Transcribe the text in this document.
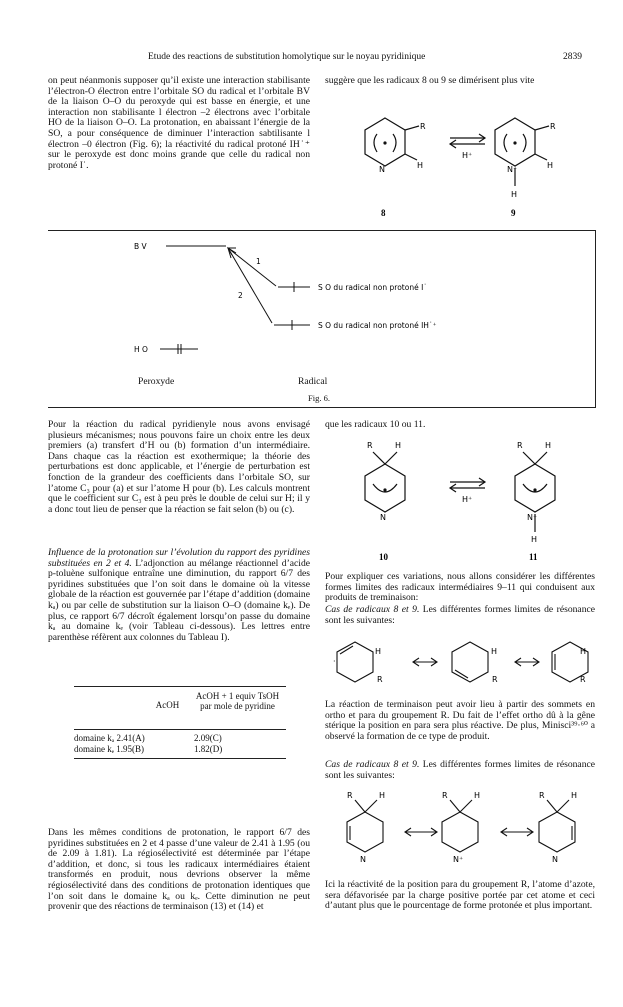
Etude des reactions de substitution homolytique sur le noyau pyridinique	2839

on peut néanmonis supposer qu’il existe une interaction stabilisante l’électron-O électron entre l’orbitale SO du radical et l’orbitale BV de la liaison O–O du peroxyde qui est basse en énergie, et une interaction non stabilisante l électron –2 électrons avec l’orbitale HO de la liaison O–O. La protonation, en abaissant l’énergie de la SO, a pour conséquence de diminuer l’interaction sabtilisante l électron –0 électron (Fig. 6); la réactivité du radical protoné IH˙⁺ sur le peroxyde est donc moins grande que celle du radical non protoné I˙.

suggère que les radicaux 8 ou 9 se dimérisent plus vite

R
H
N
H⁺
R
H
N⁺
H
8	9
B V
H O
1
2
S O du radical non protoné I˙
S O du radical non protoné IH˙⁺
Peroxyde	Radical
Fig. 6.

Pour la réaction du radical pyridienyle nous avons envisagé plusieurs mécanismes; nous pouvons faire un choix entre les deux premiers (a) transfert d’H ou (b) formation d’un intermédiaire. Dans chaque cas la réaction est exothermique; la théorie des perturbations est donc applicable, et l’énergie de perturbation est fonction de la grandeur des coefficients dans l’orbitale SO, sur l’atome C₃ pour (a) et sur l’atome H pour (b). Les calculs montrent que le coefficient sur C₃ est à peu près le double de celui sur H; il y a donc tout lieu de penser que la réaction se fait selon (b) ou (c).

Influence de la protonation sur l’évolution du rapport des pyridines substituées en 2 et 4. L’adjonction au mélange réactionnel d’acide p-toluène sulfonique entraîne une diminution, du rapport 6/7 des pyridines substituées que l’on soit dans le domaine où la vitesse globale de la réaction est gouvernée par l’étape d’addition (domaine kₐ) ou par celle de substitution sur la liaison O–O (domaine kₑ). De plus, ce rapport 6/7 décroît également lorsqu’on passe du domaine kₐ au domaine kₑ (voir Tableau ci-dessous). Les lettres entre parenthèse réfèrent aux colonnes du Tableau I).

	AcOH	AcOH + 1 equiv TsOH par mole de pyridine
domaine kₐ 2.41(A)	2.09(C)
domaine kₑ 1.95(B)	1.82(D)

Dans les mêmes conditions de protonation, le rapport 6/7 des pyridines substituées en 2 et 4 passe d’une valeur de 2.41 à 1.95 (ou de 2.09 à 1.81). La régiosélectivité est déterminée par l’étape d’addition, et donc, si tous les radicaux intermédiaires étaient transformés en produit, nous devrions observer la même régiosélectivité dans des conditions de protonation identiques que l’on soit dans le domaine kₐ ou kₑ. Cette diminution ne peut provenir que des réactions de terminaison (13) et (14) et

que les radicaux 10 ou 11.

R	H
N
H⁺
R	H
N⁺
H
10	11

Pour expliquer ces variations, nous allons considérer les différentes formes limites des radicaux intermédiaires 9–11 qui conduisent aux produits de treminaison:

Cas de radicaux 8 et 9. Les différentes formes limites de résonance sont les suivantes:

·
H
R
H
R
H
R

La réaction de terminaison peut avoir lieu à partir des sommets en ortho et para du groupement R. Du fait de l’effet ortho dû à la gêne stérique la position en para sera plus réactive. De plus, Minisci³⁹·⁶⁰ a observé la formation de ce type de produit.

Cas de radicaux 8 et 9. Les différentes formes limites de résonance sont les suivantes:

R	H
N
R	H
N⁺
R	H
N

Ici la réactivité de la position para du groupement R, l’atome d’azote, sera défavorisée par la charge positive portée par cet atome et ceci d’autant plus que le pourcentage de forme protonée et plus important.
